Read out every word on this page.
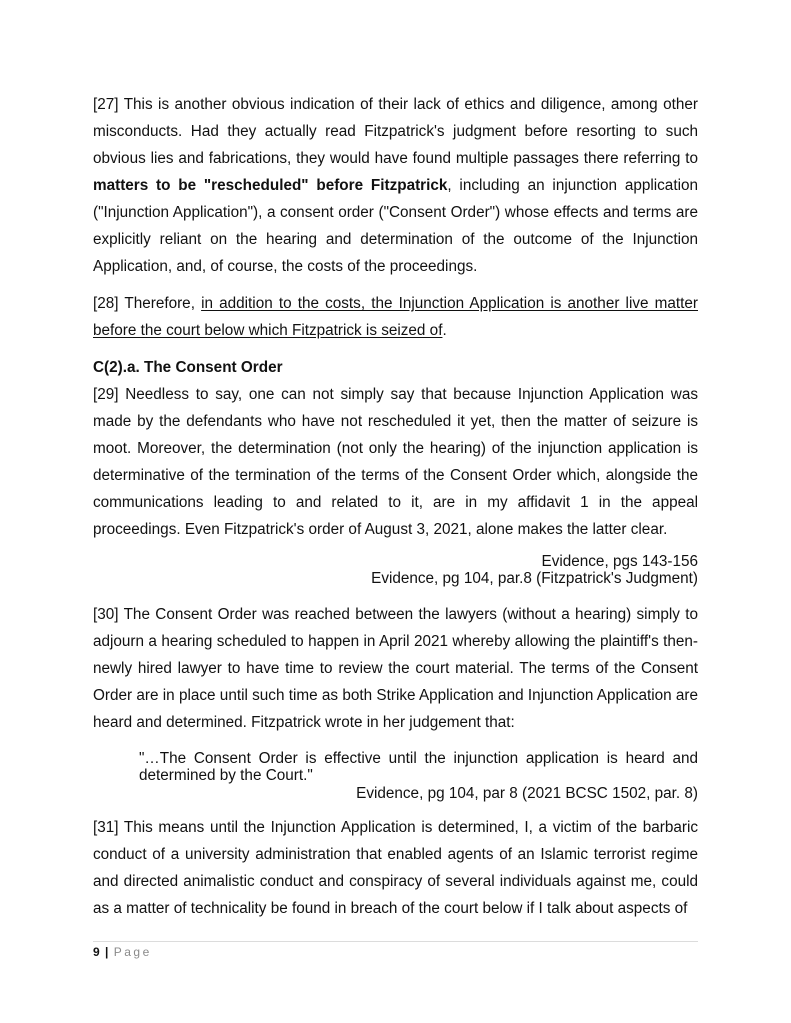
[27] This is another obvious indication of their lack of ethics and diligence, among other misconducts. Had they actually read Fitzpatrick's judgment before resorting to such obvious lies and fabrications, they would have found multiple passages there referring to matters to be "rescheduled" before Fitzpatrick, including an injunction application ("Injunction Application"), a consent order ("Consent Order") whose effects and terms are explicitly reliant on the hearing and determination of the outcome of the Injunction Application, and, of course, the costs of the proceedings.

[28] Therefore, in addition to the costs, the Injunction Application is another live matter before the court below which Fitzpatrick is seized of.

C(2).a. The Consent Order

[29] Needless to say, one can not simply say that because Injunction Application was made by the defendants who have not rescheduled it yet, then the matter of seizure is moot. Moreover, the determination (not only the hearing) of the injunction application is determinative of the termination of the terms of the Consent Order which, alongside the communications leading to and related to it, are in my affidavit 1 in the appeal proceedings. Even Fitzpatrick's order of August 3, 2021, alone makes the latter clear.

Evidence, pgs 143-156
Evidence, pg 104, par.8 (Fitzpatrick's Judgment)

[30] The Consent Order was reached between the lawyers (without a hearing) simply to adjourn a hearing scheduled to happen in April 2021 whereby allowing the plaintiff's then-newly hired lawyer to have time to review the court material. The terms of the Consent Order are in place until such time as both Strike Application and Injunction Application are heard and determined. Fitzpatrick wrote in her judgement that:

"…The Consent Order is effective until the injunction application is heard and determined by the Court."

Evidence, pg 104, par 8 (2021 BCSC 1502, par. 8)

[31] This means until the Injunction Application is determined, I, a victim of the barbaric conduct of a university administration that enabled agents of an Islamic terrorist regime and directed animalistic conduct and conspiracy of several individuals against me, could as a matter of technicality be found in breach of the court below if I talk about aspects of

9 | Page
